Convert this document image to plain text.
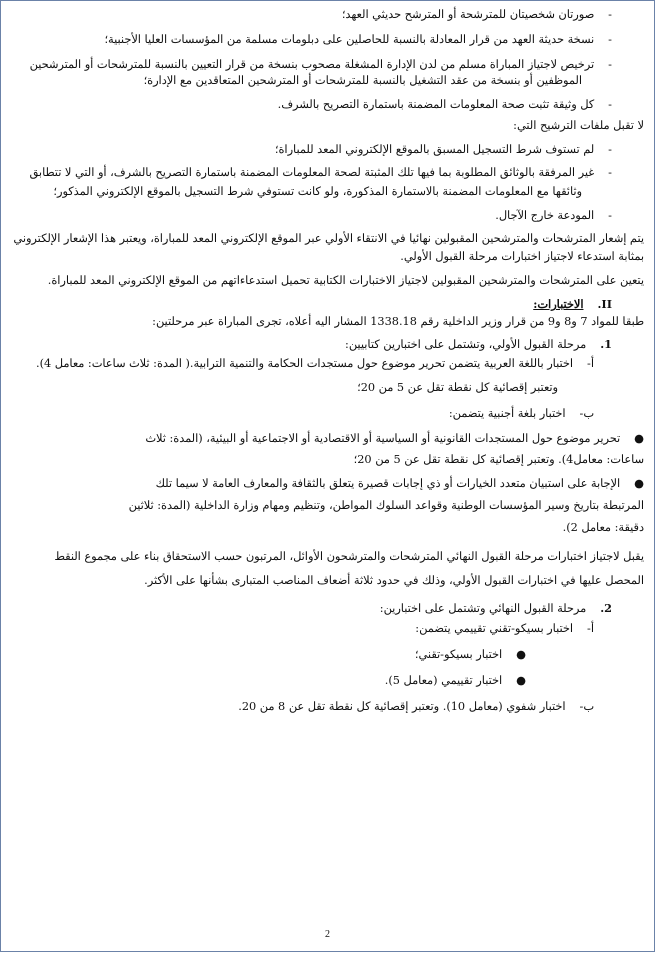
-صورتان شخصيتان للمترشحة أو المترشح حديثي العهد؛
-نسخة حديثة العهد من قرار المعادلة بالنسبة للحاصلين على دبلومات مسلمة من المؤسسات العليا الأجنبية؛
-ترخيص لاجتياز المباراة مسلم من لدن الإدارة المشغلة مصحوب بنسخة من قرار التعيين بالنسبة للمترشحات أو المترشحين
الموظفين أو بنسخة من عقد التشغيل بالنسبة للمترشحات أو المترشحين المتعاقدين مع الإدارة؛
-كل وثيقة تثبت صحة المعلومات المضمنة باستمارة التصريح بالشرف.
لا تقبل ملفات الترشيح التي:
-لم تستوف شرط التسجيل المسبق بالموقع الإلكتروني المعد للمباراة؛
-غير المرفقة بالوثائق المطلوبة بما فيها تلك المثبتة لصحة المعلومات المضمنة باستمارة التصريح بالشرف، أو التي لا تتطابق
وثائقها مع المعلومات المضمنة بالاستمارة المذكورة، ولو كانت تستوفي شرط التسجيل بالموقع الإلكتروني المذكور؛
-المودعة خارج الآجال.
يتم إشعار المترشحات والمترشحين المقبولين نهائيا في الانتقاء الأولي عبر الموقع الإلكتروني المعد للمباراة، ويعتبر هذا الإشعار الإلكتروني
بمثابة استدعاء لاجتياز اختبارات مرحلة القبول الأولي.
يتعين على المترشحات والمترشحين المقبولين لاجتياز الاختبارات الكتابية تحميل استدعاءاتهم من الموقع الإلكتروني المعد للمباراة.
II.الاختبارات:
طبقا للمواد 7 و8 و9 من قرار وزير الداخلية رقم 1338.18 المشار اليه أعلاه، تجرى المباراة عبر مرحلتين:
1.مرحلة القبول الأولي، وتشتمل على اختبارين كتابيين:
أ-اختبار باللغة العربية يتضمن تحرير موضوع حول مستجدات الحكامة والتنمية الترابية.( المدة: ثلاث ساعات: معامل 4).
وتعتبر إقصائية كل نقطة تقل عن 5 من 20؛
ب-اختبار بلغة أجنبية يتضمن:
●تحرير موضوع حول المستجدات القانونية أو السياسية أو الاقتصادية أو الاجتماعية أو البيئية، (المدة: ثلاث
ساعات: معامل4). وتعتبر إقصائية كل نقطة تقل عن 5 من 20؛
●الإجابة على استبيان متعدد الخيارات أو ذي إجابات قصيرة يتعلق بالثقافة والمعارف العامة لا سيما تلك
المرتبطة بتاريخ وسير المؤسسات الوطنية وقواعد السلوك المواطن، وتنظيم ومهام وزارة الداخلية (المدة: ثلاثين
دقيقة: معامل 2).
يقبل لاجتياز اختبارات مرحلة القبول النهائي المترشحات والمترشحون الأوائل، المرتبون حسب الاستحقاق بناء على مجموع النقط
المحصل عليها في اختبارات القبول الأولي، وذلك في حدود ثلاثة أضعاف المناصب المتبارى بشأنها على الأكثر.
2.مرحلة القبول النهائي وتشتمل على اختبارين:
أ-اختبار بسيكو-تقني تقييمي يتضمن:
●اختبار بسيكو-تقني؛
●اختبار تقييمي (معامل 5).
ب-اختبار شفوي (معامل 10). وتعتبر إقصائية كل نقطة تقل عن 8 من 20.
2
